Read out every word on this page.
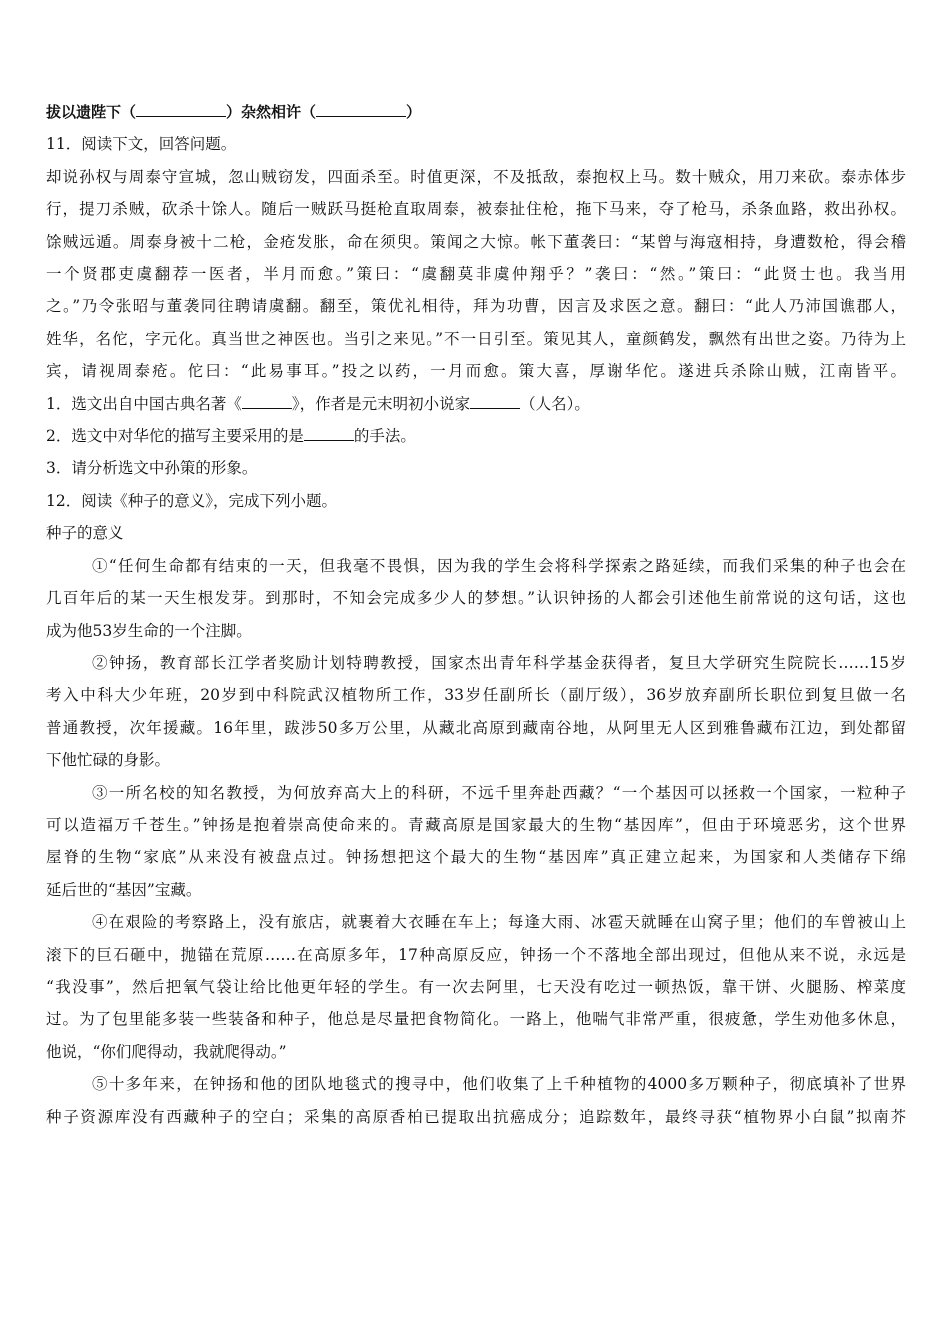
拔以遗陛下（	）杂然相许（	）
11．阅读下文，回答问题。
却说孙权与周泰守宣城，忽山贼窃发，四面杀至。时值更深，不及抵敌，泰抱权上马。数十贼众，用刀来砍。泰赤体步
行，提刀杀贼，砍杀十馀人。随后一贼跃马挺枪直取周泰，被泰扯住枪，拖下马来，夺了枪马，杀条血路，救出孙权。
馀贼远遁。周泰身被十二枪，金疮发胀，命在须臾。策闻之大惊。帐下董袭曰：“某曾与海寇相持，身遭数枪，得会稽
一个贤郡吏虞翻荐一医者，半月而愈。”策曰：“虞翻莫非虞仲翔乎？”袭曰：“然。”策曰：“此贤士也。我当用
之。”乃令张昭与董袭同往聘请虞翻。翻至，策优礼相待，拜为功曹，因言及求医之意。翻曰：“此人乃沛国谯郡人，
姓华，名佗，字元化。真当世之神医也。当引之来见。”不一日引至。策见其人，童颜鹤发，飘然有出世之姿。乃待为上
宾，请视周泰疮。佗曰：“此易事耳。”投之以药，一月而愈。策大喜，厚谢华佗。遂进兵杀除山贼，江南皆平。
1．选文出自中国古典名著《	》，作者是元末明初小说家	（人名）。
2．选文中对华佗的描写主要采用的是	的手法。
3．请分析选文中孙策的形象。
12．阅读《种子的意义》，完成下列小题。
种子的意义
①“任何生命都有结束的一天，但我毫不畏惧，因为我的学生会将科学探索之路延续，而我们采集的种子也会在
几百年后的某一天生根发芽。到那时，不知会完成多少人的梦想。”认识钟扬的人都会引述他生前常说的这句话，这也
成为他53岁生命的一个注脚。
②钟扬，教育部长江学者奖励计划特聘教授，国家杰出青年科学基金获得者，复旦大学研究生院院长……15岁
考入中科大少年班，20岁到中科院武汉植物所工作，33岁任副所长（副厅级），36岁放弃副所长职位到复旦做一名
普通教授，次年援藏。16年里，跋涉50多万公里，从藏北高原到藏南谷地，从阿里无人区到雅鲁藏布江边，到处都留
下他忙碌的身影。
③一所名校的知名教授，为何放弃高大上的科研，不远千里奔赴西藏？“一个基因可以拯救一个国家，一粒种子
可以造福万千苍生。”钟扬是抱着崇高使命来的。青藏高原是国家最大的生物“基因库”，但由于环境恶劣，这个世界
屋脊的生物“家底”从来没有被盘点过。钟扬想把这个最大的生物“基因库”真正建立起来，为国家和人类储存下绵
延后世的“基因”宝藏。
④在艰险的考察路上，没有旅店，就裹着大衣睡在车上；每逢大雨、冰雹天就睡在山窝子里；他们的车曾被山上
滚下的巨石砸中，抛锚在荒原……在高原多年，17种高原反应，钟扬一个不落地全部出现过，但他从来不说，永远是
“我没事”，然后把氧气袋让给比他更年轻的学生。有一次去阿里，七天没有吃过一顿热饭，靠干饼、火腿肠、榨菜度
过。为了包里能多装一些装备和种子，他总是尽量把食物简化。一路上，他喘气非常严重，很疲惫，学生劝他多休息，
他说，“你们爬得动，我就爬得动。”
⑤十多年来，在钟扬和他的团队地毯式的搜寻中，他们收集了上千种植物的4000多万颗种子，彻底填补了世界
种子资源库没有西藏种子的空白；采集的高原香柏已提取出抗癌成分；追踪数年，最终寻获“植物界小白鼠”拟南芥
